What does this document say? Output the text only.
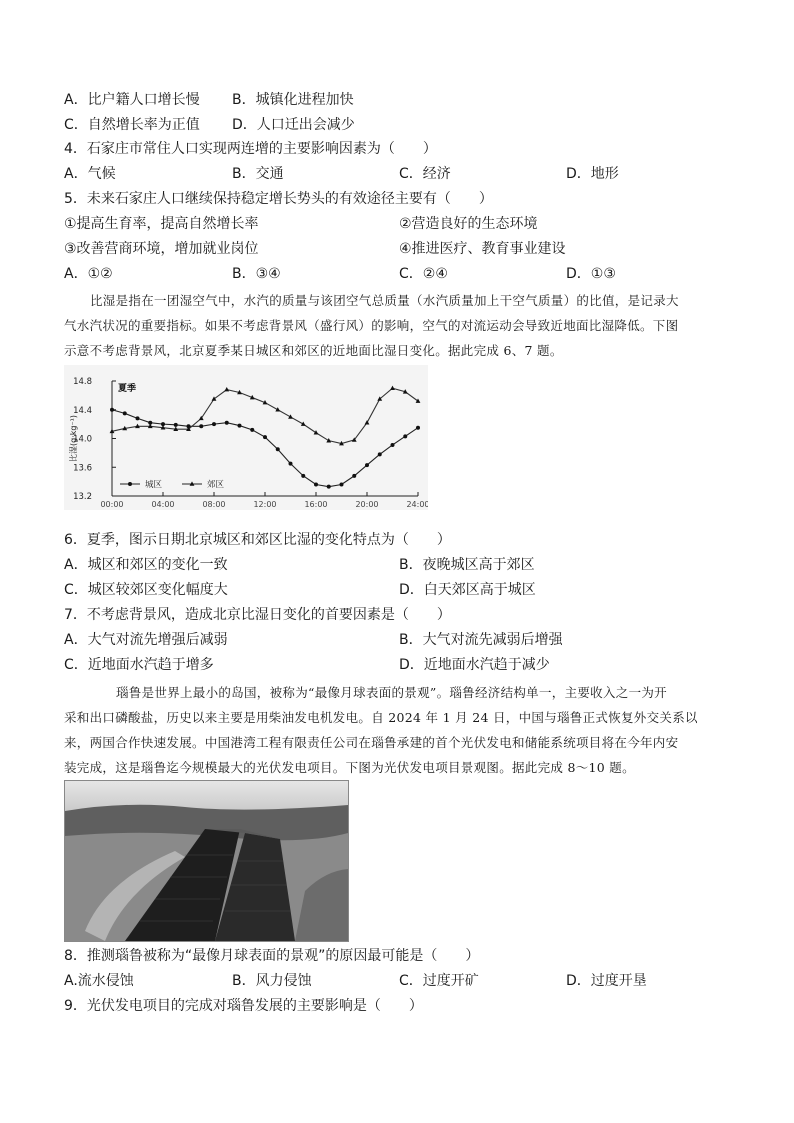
A．比户籍人口增长慢 B．城镇化进程加快
C．自然增长率为正值 D．人口迁出会减少
4．石家庄市常住人口实现两连增的主要影响因素为（　　）
A．气候	B．交通	C．经济	D．地形
5．未来石家庄人口继续保持稳定增长势头的有效途径主要有（　　）
①提高生育率，提高自然增长率	②营造良好的生态环境
③改善营商环境，增加就业岗位	④推进医疗、教育事业建设
A．①②	B．③④	C．②④	D．①③

比湿是指在一团湿空气中，水汽的质量与该团空气总质量（水汽质量加上干空气质量）的比值，是记录大

气水汽状况的重要指标。如果不考虑背景风（盛行风）的影响，空气的对流运动会导致近地面比湿降低。下图

示意不考虑背景风，北京夏季某日城区和郊区的近地面比湿日变化。据此完成 6、7 题。

14.8
14.4
14.0
13.6
13.2
00:00	04:00	08:00	12:00	16:00	20:00	24:00
比湿(g·kg⁻¹)
夏季
城区	郊区
6．夏季，图示日期北京城区和郊区比湿的变化特点为（　　）
A．城区和郊区的变化一致	B．夜晚城区高于郊区
C．城区较郊区变化幅度大	D．白天郊区高于城区
7．不考虑背景风，造成北京比湿日变化的首要因素是（　　）
A．大气对流先增强后减弱	B．大气对流先减弱后增强
C．近地面水汽趋于增多	D．近地面水汽趋于减少

瑙鲁是世界上最小的岛国，被称为“最像月球表面的景观”。瑙鲁经济结构单一，主要收入之一为开

采和出口磷酸盐，历史以来主要是用柴油发电机发电。自 2024 年 1 月 24 日，中国与瑙鲁正式恢复外交关系以

来，两国合作快速发展。中国港湾工程有限责任公司在瑙鲁承建的首个光伏发电和储能系统项目将在今年内安

装完成，这是瑙鲁迄今规模最大的光伏发电项目。下图为光伏发电项目景观图。据此完成 8～10 题。

8．推测瑙鲁被称为“最像月球表面的景观”的原因最可能是（　　）
A.流水侵蚀	B．风力侵蚀	C．过度开矿	D．过度开垦
9．光伏发电项目的完成对瑙鲁发展的主要影响是（　　）
